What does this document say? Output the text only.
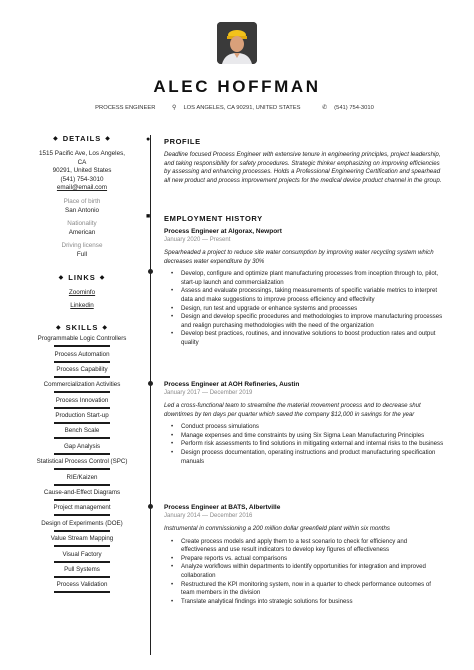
ALEC HOFFMAN
PROCESS ENGINEER	⚲ LOS ANGELES, CA 90291, UNITED STATES	✆ (541) 754-3010
◆ DETAILS ◆
1515 Pacific Ave, Los Angeles, CA
90291, United States
(541) 754-3010
email@email.com
Place of birth
San Antonio
Nationality
American
Driving license
Full
◆ LINKS ◆
Zoominfo
Linkedin
◆ SKILLS ◆
Programmable Logic Controllers
Process Automation
Process Capability
Commercialization Activities
Process Innovation
Production Start-up
Bench Scale
Gap Analysis
Statistical Process Control (SPC)
RIE/Kaizen
Cause-and-Effect Diagrams
Project management
Design of Experiments (DOE)
Value Stream Mapping
Visual Factory
Pull Systems
Process Validation
● PROFILE
Deadline focused Process Engineer with extensive tenure in engineering principles, project leadership, and taking responsibility for safety procedures. Strategic thinker emphasizing on improving efficiencies by assessing and enhancing processes. Holds a Professional Engineering Certification and spearhead all new product and process improvement projects for the medical device product channel in the group.
■ EMPLOYMENT HISTORY
Process Engineer at Algorax, Newport
January 2020 — Present
Spearheaded a project to reduce site water consumption by improving water recycling system which decreases water expenditure by 30%
• Develop, configure and optimize plant manufacturing processes from inception through to, pilot, start-up launch and commercialization
• Assess and evaluate processings, taking measurements of specific variable metrics to interpret data and make suggestions to improve process efficiency and effectivity
• Design, run test and upgrade or enhance systems and processes
• Design and develop specific procedures and methodologies to improve manufacturing processes and realign purchasing methodologies with the need of the organization
• Develop best practices, routines, and innovative solutions to boost production rates and output quality
Process Engineer at AOH Refineries, Austin
January 2017 — December 2019
Led a cross-functional team to streamline the material movement process and to decrease shut downtimes by ten days per quarter which saved the company $12,000 in savings for the year
• Conduct process simulations
• Manage expenses and time constraints by using Six Sigma Lean Manufacturing Principles
• Perform risk assessments to find solutions in mitigating external and internal risks to the business
• Design process documentation, operating instructions and product manufacturing specification manuals
Process Engineer at BATS, Albertville
January 2014 — December 2016
Instrumental in commissioning a 200 million dollar greenfield plant within six months
• Create process models and apply them to a test scenario to check for efficiency and effectiveness and use result indicators to develop key figures of effectiveness
• Prepare reports vs. actual comparisons
• Analyze workflows within departments to identify opportunities for integration and improved collaboration
• Restructured the KPI monitoring system, now in a quarter to check performance outcomes of team members in the division
• Translate analytical findings into strategic solutions for business
